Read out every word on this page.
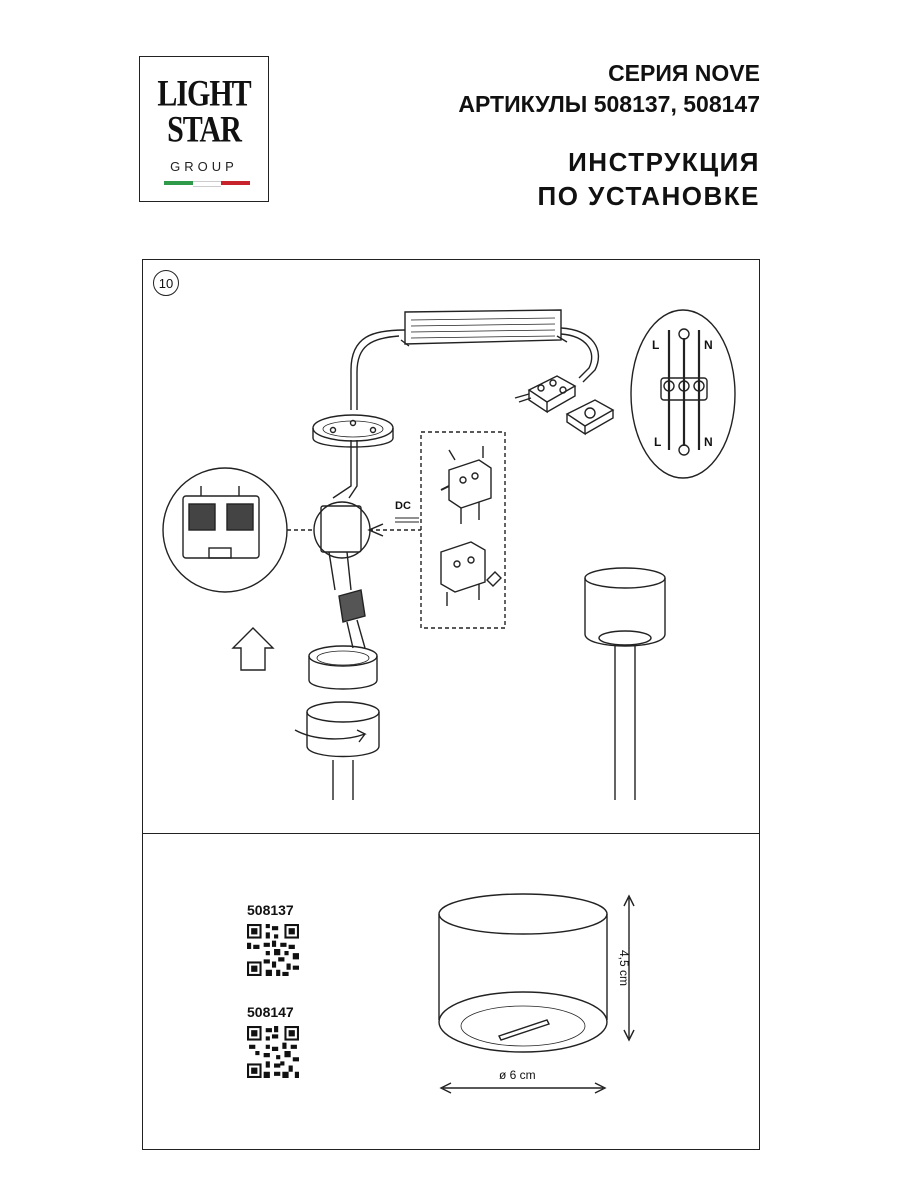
LIGHT
STAR
GROUP
СЕРИЯ NOVE
АРТИКУЛЫ 508137, 508147
ИНСТРУКЦИЯ
ПО УСТАНОВКЕ
10
DC
L	N
L	N
508137
508147
4,5 cm
ø 6 cm
